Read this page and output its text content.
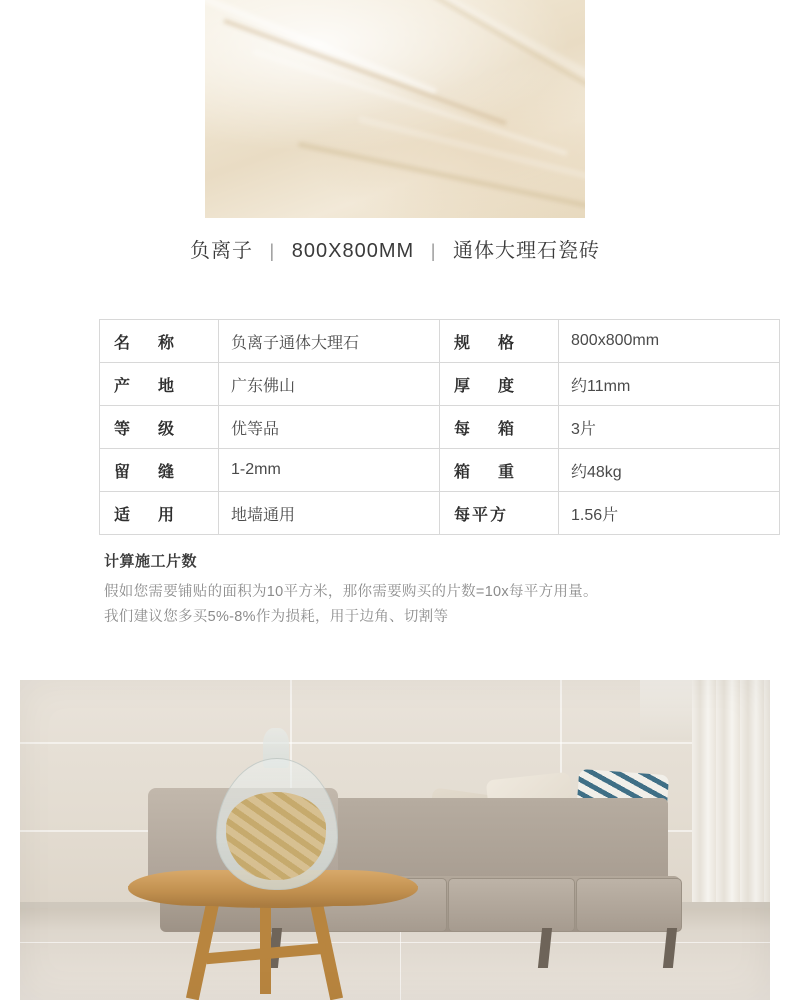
负离子 | 800X800MM | 通体大理石瓷砖
名　称	负离子通体大理石	规　格	800x800mm
产　地	广东佛山	厚　度	约11mm
等　级	优等品	每　箱	3片
留　缝	1-2mm	箱　重	约48kg
适　用	地墙通用	每平方	1.56片
计算施工片数
假如您需要铺贴的面积为10平方米，那你需要购买的片数=10x每平方用量。
我们建议您多买5%-8%作为损耗，用于边角、切割等
